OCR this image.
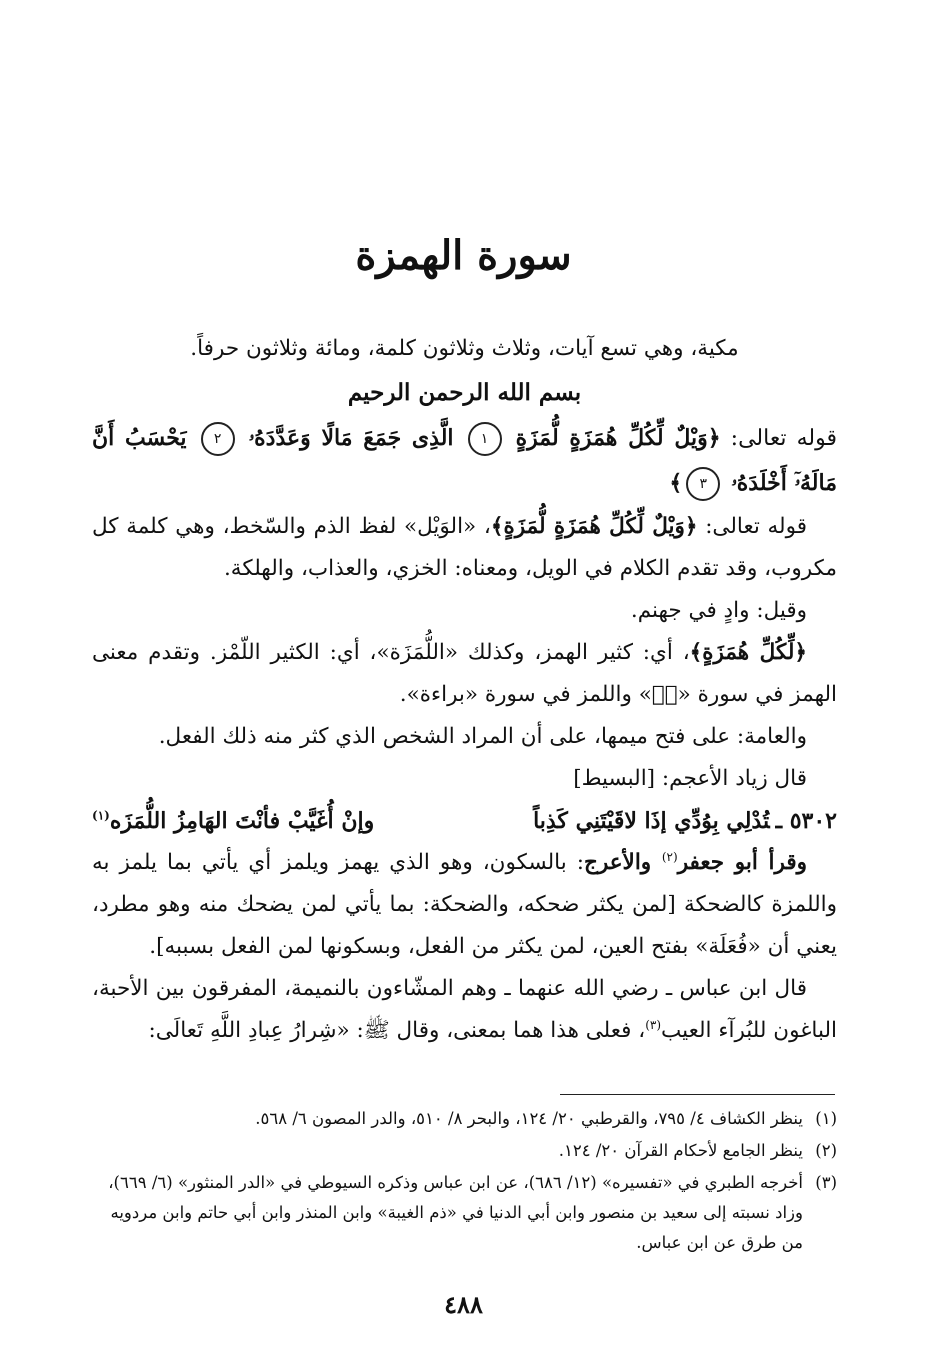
سورة الهمزة

مكية، وهي تسع آيات، وثلاث وثلاثون كلمة، ومائة وثلاثون حرفاً.

بسم الله الرحمن الرحيم

قوله تعالى: ﴿وَيْلٌ لِّكُلِّ هُمَزَةٍ لُّمَزَةٍ ١ الَّذِى جَمَعَ مَالًا وَعَدَّدَهُۥ ٢ يَحْسَبُ أَنَّ مَالَهُۥٓ أَخْلَدَهُۥ ٣﴾

قوله تعالى: ﴿وَيْلٌ لِّكُلِّ هُمَزَةٍ لُّمَزَةٍ﴾، «الوَيْل» لفظ الذم والسّخط، وهي كلمة كل مكروب، وقد تقدم الكلام في الويل، ومعناه: الخزي، والعذاب، والهلكة.

وقيل: وادٍ في جهنم.

﴿لِّكُلِّ هُمَزَةٍ﴾، أي: كثير الهمز، وكذلك «اللُّمَزَة»، أي: الكثير اللّمْز. وتقدم معنى الهمز في سورة «نۤ» واللمز في سورة «براءة».

والعامة: على فتح ميمها، على أن المراد الشخص الذي كثر منه ذلك الفعل.

قال زياد الأعجم: [البسيط]

٥٣٠٢ ـتُدْلِي بِوُدِّي إذَا لاقَيْتَنِي كَذِباً
وإنْ أُغَيَّبْ فأنْتَ الهَامِزُ اللُّمَزَه$^{(١)}$

وقرأ أبو جعفر$^{(٢)}$ والأعرج: بالسكون، وهو الذي يهمز ويلمز أي يأتي بما يلمز به واللمزة كالضحكة [لمن يكثر ضحكه، والضحكة: بما يأتي لمن يضحك منه وهو مطرد، يعني أن «فُعَلَة» بفتح العين، لمن يكثر من الفعل، وبسكونها لمن الفعل بسببه].

قال ابن عباس ـ رضي الله عنهما ـ وهم المشّاءون بالنميمة، المفرقون بين الأحبة، الباغون للبُرآء العيب$^{(٣)}$، فعلى هذا هما بمعنى، وقال ﷺ: «شِرارُ عِبادِ اللَّهِ تَعالَى:

(١)
ينظر الكشاف ٤/ ٧٩٥، والقرطبي ٢٠/ ١٢٤، والبحر ٨/ ٥١٠، والدر المصون ٦/ ٥٦٨.

(٢)
ينظر الجامع لأحكام القرآن ٢٠/ ١٢٤.

(٣)
أخرجه الطبري في «تفسيره» (١٢/ ٦٨٦)، عن ابن عباس وذكره السيوطي في «الدر المنثور» (٦/ ٦٦٩)، وزاد نسبته إلى سعيد بن منصور وابن أبي الدنيا في «ذم الغيبة» وابن المنذر وابن أبي حاتم وابن مردويه من طرق عن ابن عباس.

٤٨٨
